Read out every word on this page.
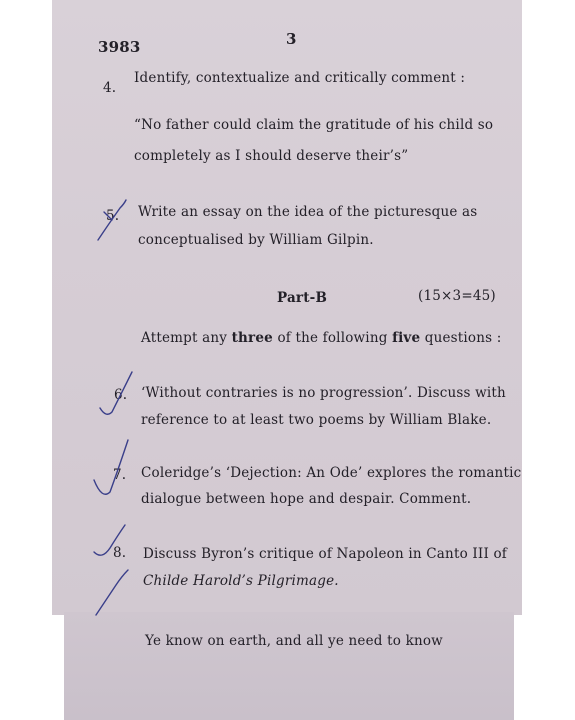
3983	3
4.
Identify, contextualize and critically comment :
“No father could claim the gratitude of his child so
completely as I should deserve their’s”
5. Write an essay on the idea of the picturesque as
conceptualised by William Gilpin.
Part-B	(15×3=45)
Attempt any three of the following five questions :
6. ‘Without contraries is no progression’. Discuss with
reference to at least two poems by William Blake.
7. Coleridge’s ‘Dejection: An Ode’ explores the romantic
dialogue between hope and despair. Comment.
8. Discuss Byron’s critique of Napoleon in Canto III of
Childe Harold’s Pilgrimage.
Ye know on earth, and all ye need to know
